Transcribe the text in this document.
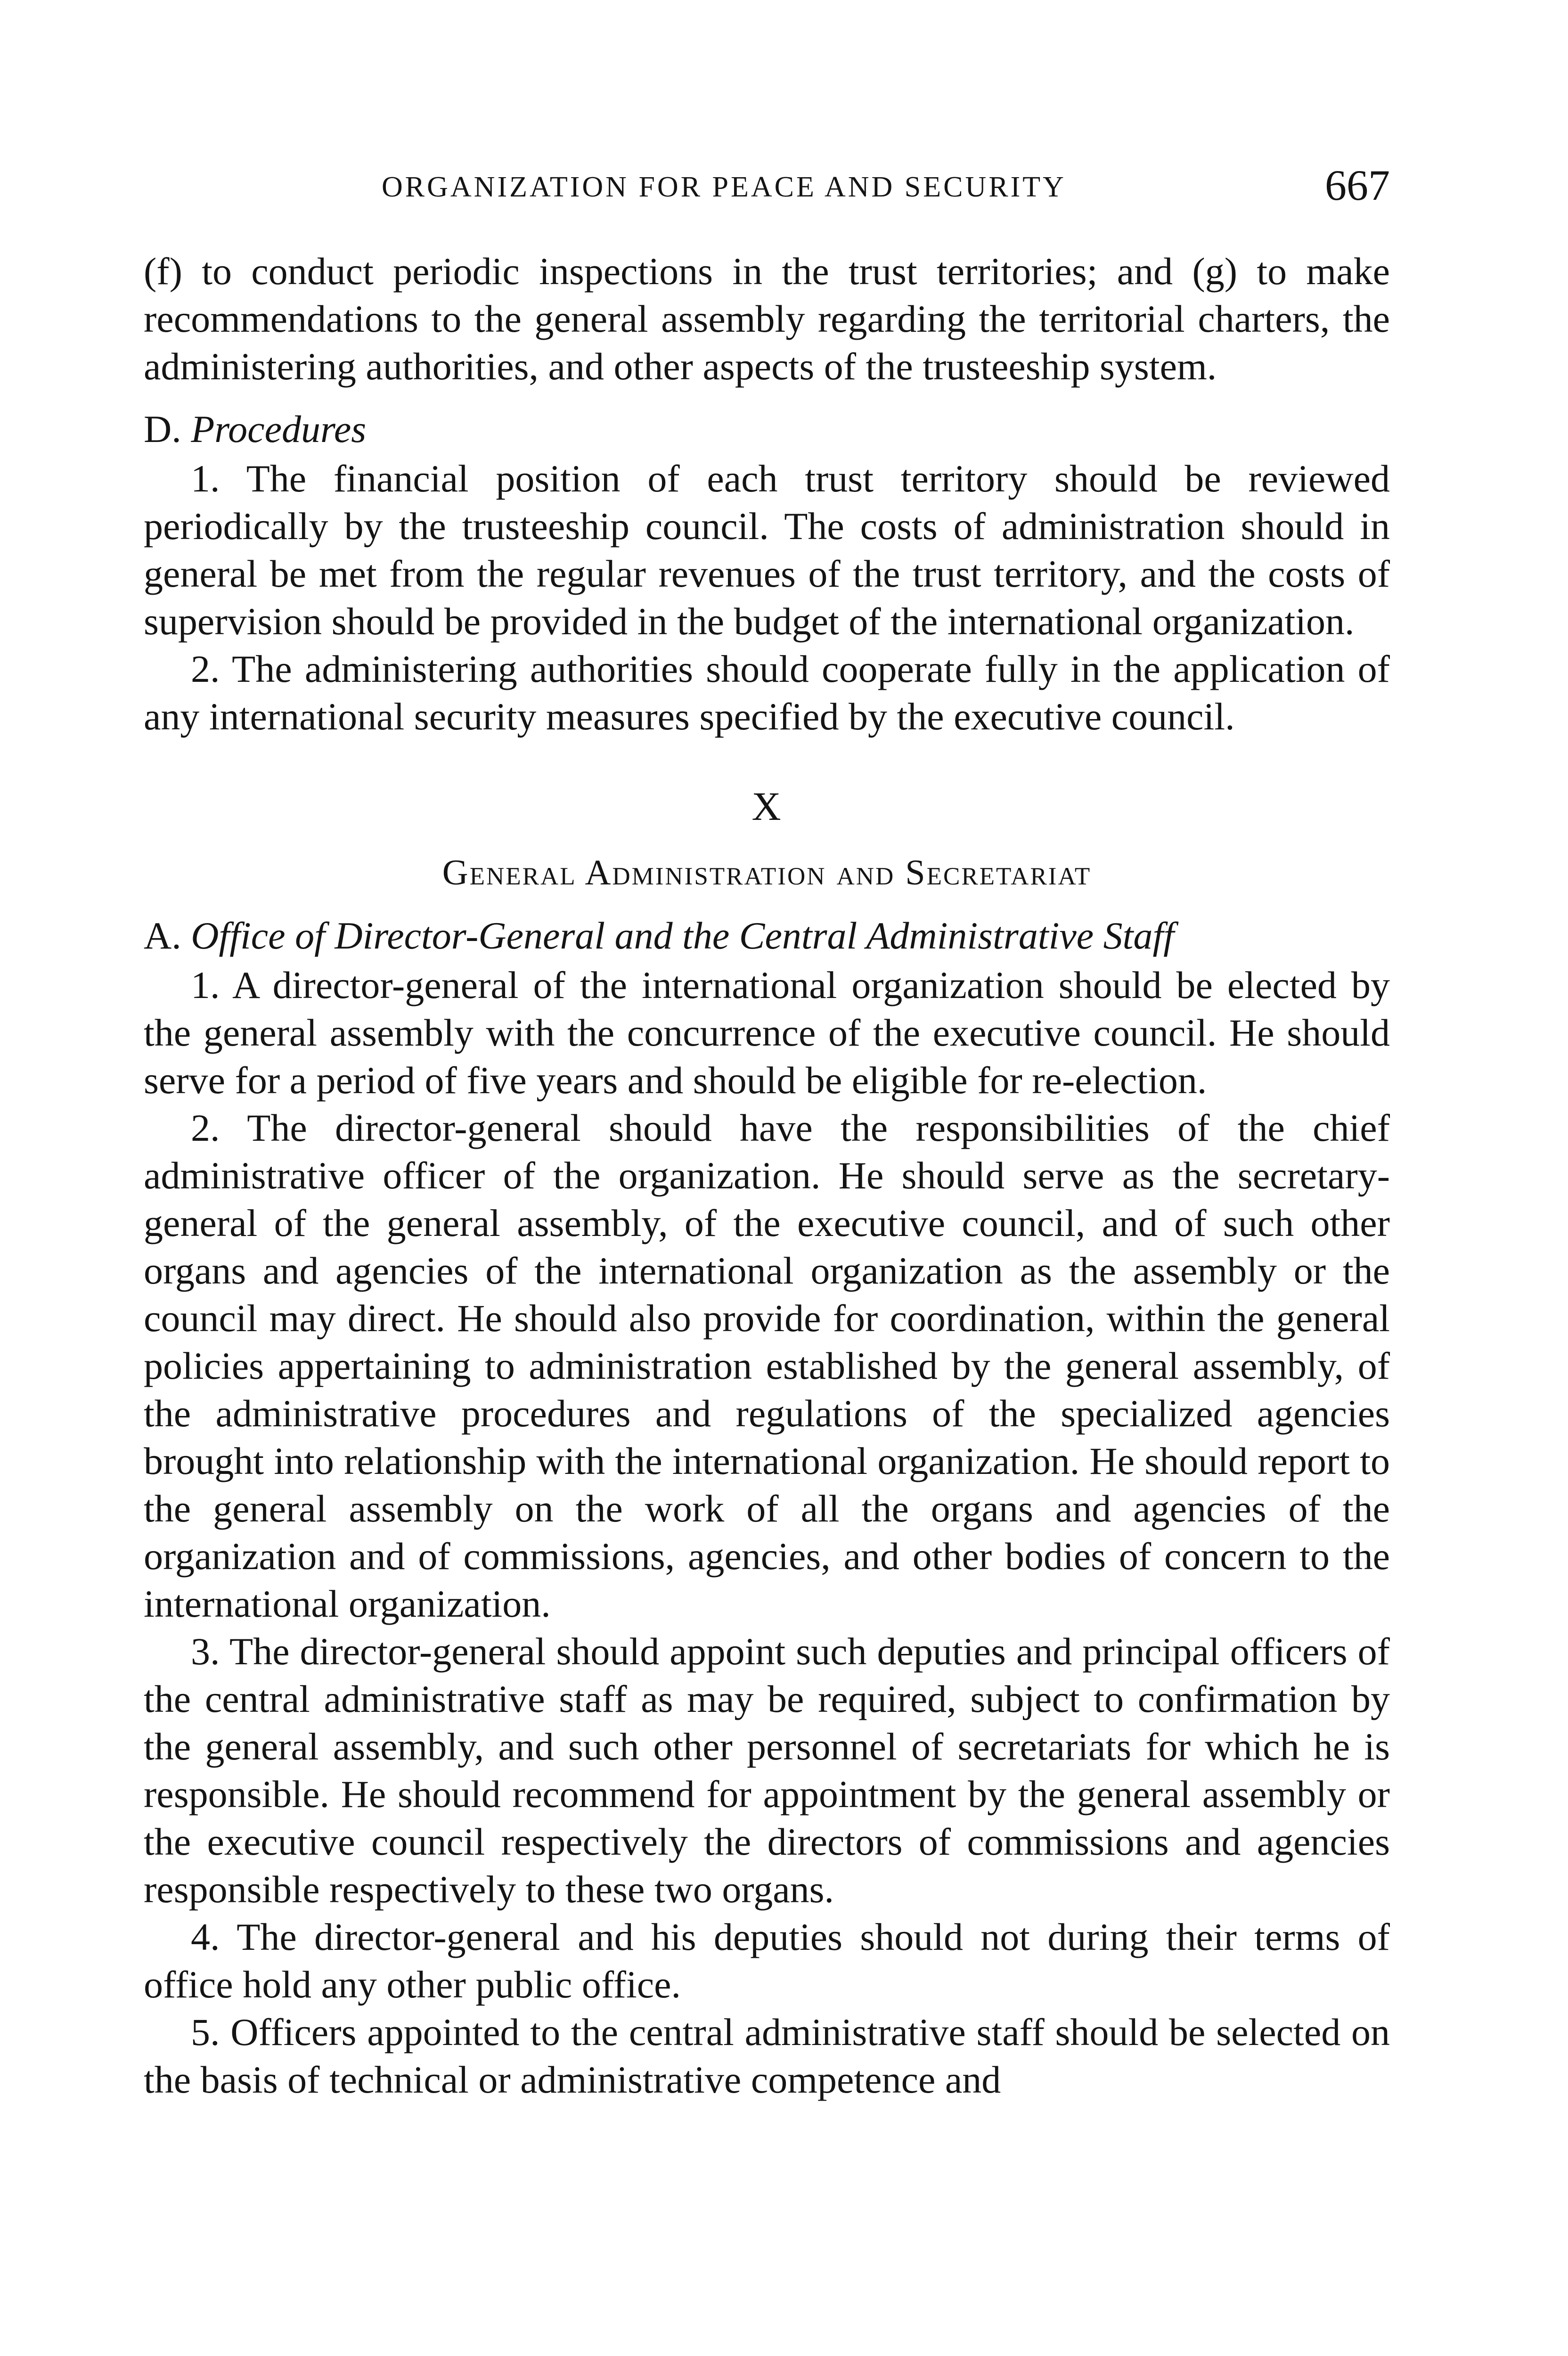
ORGANIZATION FOR PEACE AND SECURITY	667

(f) to conduct periodic inspections in the trust territories; and (g) to make recommendations to the general assembly regarding the territorial charters, the administering authorities, and other aspects of the trusteeship system.

D. Procedures

1. The financial position of each trust territory should be reviewed periodically by the trusteeship council. The costs of administration should in general be met from the regular revenues of the trust territory, and the costs of supervision should be provided in the budget of the international organization.

2. The administering authorities should cooperate fully in the application of any international security measures specified by the executive council.

X

General Administration and Secretariat

A. Office of Director-General and the Central Administrative Staff

1. A director-general of the international organization should be elected by the general assembly with the concurrence of the executive council. He should serve for a period of five years and should be eligible for re-election.

2. The director-general should have the responsibilities of the chief administrative officer of the organization. He should serve as the secretary-general of the general assembly, of the executive council, and of such other organs and agencies of the international organization as the assembly or the council may direct. He should also provide for coordination, within the general policies appertaining to administration established by the general assembly, of the administrative procedures and regulations of the specialized agencies brought into relationship with the international organization. He should report to the general assembly on the work of all the organs and agencies of the organization and of commissions, agencies, and other bodies of concern to the international organization.

3. The director-general should appoint such deputies and principal officers of the central administrative staff as may be required, subject to confirmation by the general assembly, and such other personnel of secretariats for which he is responsible. He should recommend for appointment by the general assembly or the executive council respectively the directors of commissions and agencies responsible respectively to these two organs.

4. The director-general and his deputies should not during their terms of office hold any other public office.

5. Officers appointed to the central administrative staff should be selected on the basis of technical or administrative competence and
